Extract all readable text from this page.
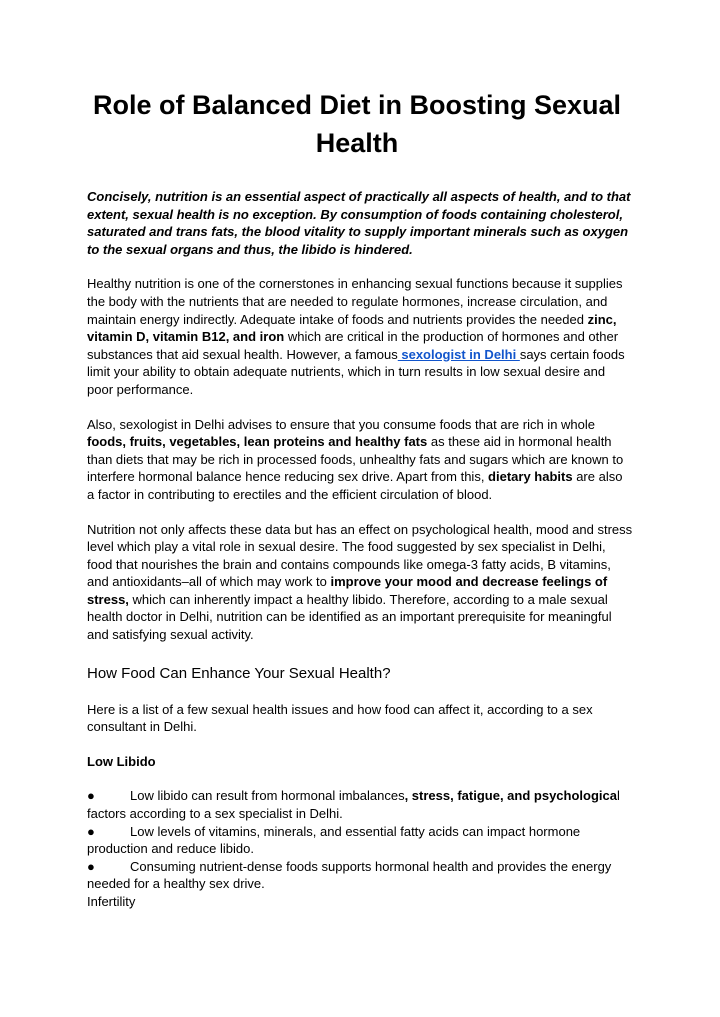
Role of Balanced Diet in Boosting Sexual Health

Concisely, nutrition is an essential aspect of practically all aspects of health, and to that extent, sexual health is no exception. By consumption of foods containing cholesterol, saturated and trans fats, the blood vitality to supply important minerals such as oxygen to the sexual organs and thus, the libido is hindered.

Healthy nutrition is one of the cornerstones in enhancing sexual functions because it supplies the body with the nutrients that are needed to regulate hormones, increase circulation, and maintain energy indirectly. Adequate intake of foods and nutrients provides the needed zinc, vitamin D, vitamin B12, and iron which are critical in the production of hormones and other substances that aid sexual health. However, a famous sexologist in Delhi says certain foods limit your ability to obtain adequate nutrients, which in turn results in low sexual desire and poor performance.

Also, sexologist in Delhi advises to ensure that you consume foods that are rich in whole foods, fruits, vegetables, lean proteins and healthy fats as these aid in hormonal health than diets that may be rich in processed foods, unhealthy fats and sugars which are known to interfere hormonal balance hence reducing sex drive. Apart from this, dietary habits are also a factor in contributing to erectiles and the efficient circulation of blood.

Nutrition not only affects these data but has an effect on psychological health, mood and stress level which play a vital role in sexual desire. The food suggested by sex specialist in Delhi, food that nourishes the brain and contains compounds like omega-3 fatty acids, B vitamins, and antioxidants–all of which may work to improve your mood and decrease feelings of stress, which can inherently impact a healthy libido. Therefore, according to a male sexual health doctor in Delhi, nutrition can be identified as an important prerequisite for meaningful and satisfying sexual activity.

How Food Can Enhance Your Sexual Health?

Here is a list of a few sexual health issues and how food can affect it, according to a sex consultant in Delhi.

Low Libido

●	Low libido can result from hormonal imbalances, stress, fatigue, and psychological factors according to a sex specialist in Delhi.
●	Low levels of vitamins, minerals, and essential fatty acids can impact hormone production and reduce libido.
●	Consuming nutrient-dense foods supports hormonal health and provides the energy needed for a healthy sex drive.

Infertility
